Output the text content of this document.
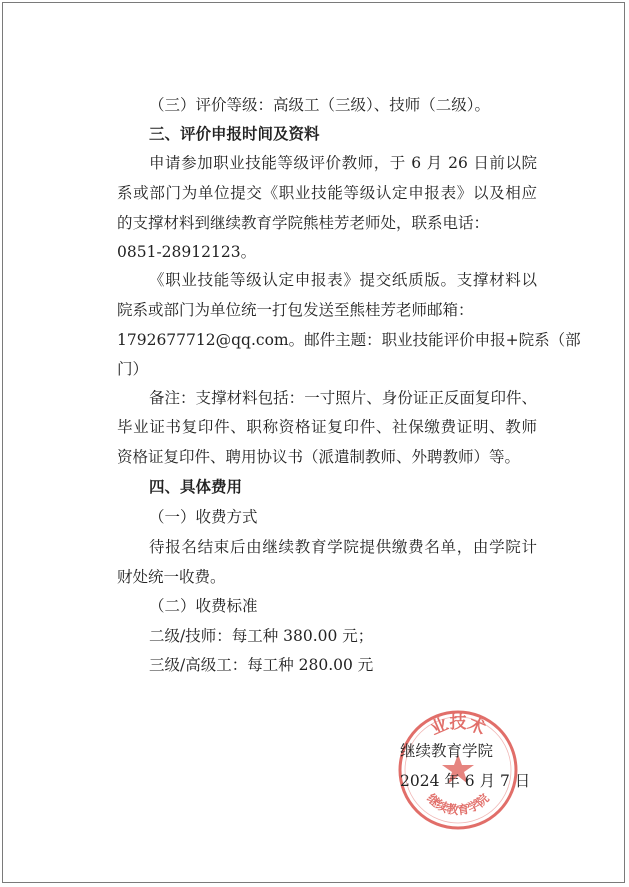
（三）评价等级：高级工（三级）、技师（二级）。
三、评价申报时间及资料
申请参加职业技能等级评价教师，于 6 月 26 日前以院
系或部门为单位提交《职业技能等级认定申报表》以及相应
的支撑材料到继续教育学院熊桂芳老师处，联系电话：
0851-28912123。
《职业技能等级认定申报表》提交纸质版。支撑材料以
院系或部门为单位统一打包发送至熊桂芳老师邮箱：
1792677712@qq.com。邮件主题：职业技能评价申报+院系（部
门）
备注：支撑材料包括：一寸照片、身份证正反面复印件、
毕业证书复印件、职称资格证复印件、社保缴费证明、教师
资格证复印件、聘用协议书（派遣制教师、外聘教师）等。
四、具体费用
（一）收费方式
待报名结束后由继续教育学院提供缴费名单，由学院计
财处统一收费。
（二）收费标准
二级/技师：每工种 380.00 元；
三级/高级工：每工种 280.00 元
业技术
继续教育学院
继续教育学院
2024 年 6 月 7 日
